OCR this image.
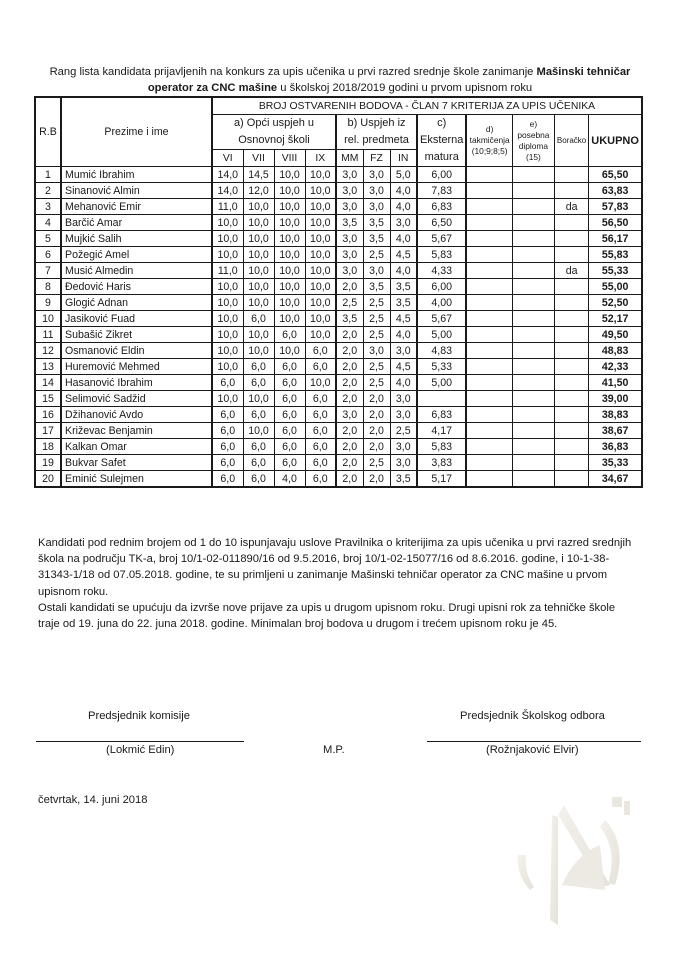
Rang lista kandidata prijavljenih na konkurs za upis učenika u prvi razred srednje škole zanimanje Mašinski tehničar operator za CNC mašine u školskoj 2018/2019 godini u prvom upisnom roku
R.B	Prezime i ime	BROJ OSTVARENIH BODOVA - ČLAN 7 KRITERIJA ZA UPIS UČENIKA											
		a) Opći uspjeh u Osnovnoj školi				b) Uspjeh iz rel. predmeta			c) Eksterna matura	d) takmičenja (10;9;8;5)	e) posebna diploma (15)	Boračko	UKUPNO
		VI	VII	VIII	IX	MM	FZ	IN					
1	Mumić Ibrahim	14,0	14,5	10,0	10,0	3,0	3,0	5,0	6,00				65,50
2	Sinanović Almin	14,0	12,0	10,0	10,0	3,0	3,0	4,0	7,83				63,83
3	Mehanović Emir	11,0	10,0	10,0	10,0	3,0	3,0	4,0	6,83			da	57,83
4	Barčić Amar	10,0	10,0	10,0	10,0	3,5	3,5	3,0	6,50				56,50
5	Mujkić Salih	10,0	10,0	10,0	10,0	3,0	3,5	4,0	5,67				56,17
6	Požegić Amel	10,0	10,0	10,0	10,0	3,0	2,5	4,5	5,83				55,83
7	Musić Almedin	11,0	10,0	10,0	10,0	3,0	3,0	4,0	4,33			da	55,33
8	Đedović Haris	10,0	10,0	10,0	10,0	2,0	3,5	3,5	6,00				55,00
9	Glogić Adnan	10,0	10,0	10,0	10,0	2,5	2,5	3,5	4,00				52,50
10	Jasiković Fuad	10,0	6,0	10,0	10,0	3,5	2,5	4,5	5,67				52,17
11	Subašić Zikret	10,0	10,0	6,0	10,0	2,0	2,5	4,0	5,00				49,50
12	Osmanović Eldin	10,0	10,0	10,0	6,0	2,0	3,0	3,0	4,83				48,83
13	Huremović Mehmed	10,0	6,0	6,0	6,0	2,0	2,5	4,5	5,33				42,33
14	Hasanović Ibrahim	6,0	6,0	6,0	10,0	2,0	2,5	4,0	5,00				41,50
15	Selimović Sadžid	10,0	10,0	6,0	6,0	2,0	2,0	3,0					39,00
16	Džihanović Avdo	6,0	6,0	6,0	6,0	3,0	2,0	3,0	6,83				38,83
17	Križevac Benjamin	6,0	10,0	6,0	6,0	2,0	2,0	2,5	4,17				38,67
18	Kalkan Omar	6,0	6,0	6,0	6,0	2,0	2,0	3,0	5,83				36,83
19	Bukvar Safet	6,0	6,0	6,0	6,0	2,0	2,5	3,0	3,83				35,33
20	Eminić Sulejmen	6,0	6,0	4,0	6,0	2,0	2,0	3,5	5,17				34,67

Kandidati pod rednim brojem od 1 do 10 ispunjavaju uslove Pravilnika o kriterijima za upis učenika u prvi razred srednjih škola na području TK-a, broj 10/1-02-011890/16 od 9.5.2016, broj 10/1-02-15077/16 od 8.6.2016. godine, i 10-1-38-31343-1/18 od 07.05.2018. godine, te su primljeni u zanimanje Mašinski tehničar operator za CNC mašine u prvom upisnom roku.

Ostali kandidati se upućuju da izvrše nove prijave za upis u drugom upisnom roku. Drugi upisni rok za tehničke škole traje od 19. juna do 22. juna 2018. godine. Minimalan broj bodova u drugom i trećem upisnom roku je 45.

Predsjednik komisije
(Lokmić Edin)	M.P.
Predsjednik Školskog odbora
(Rožnjaković Elvir)
četvrtak, 14. juni 2018
